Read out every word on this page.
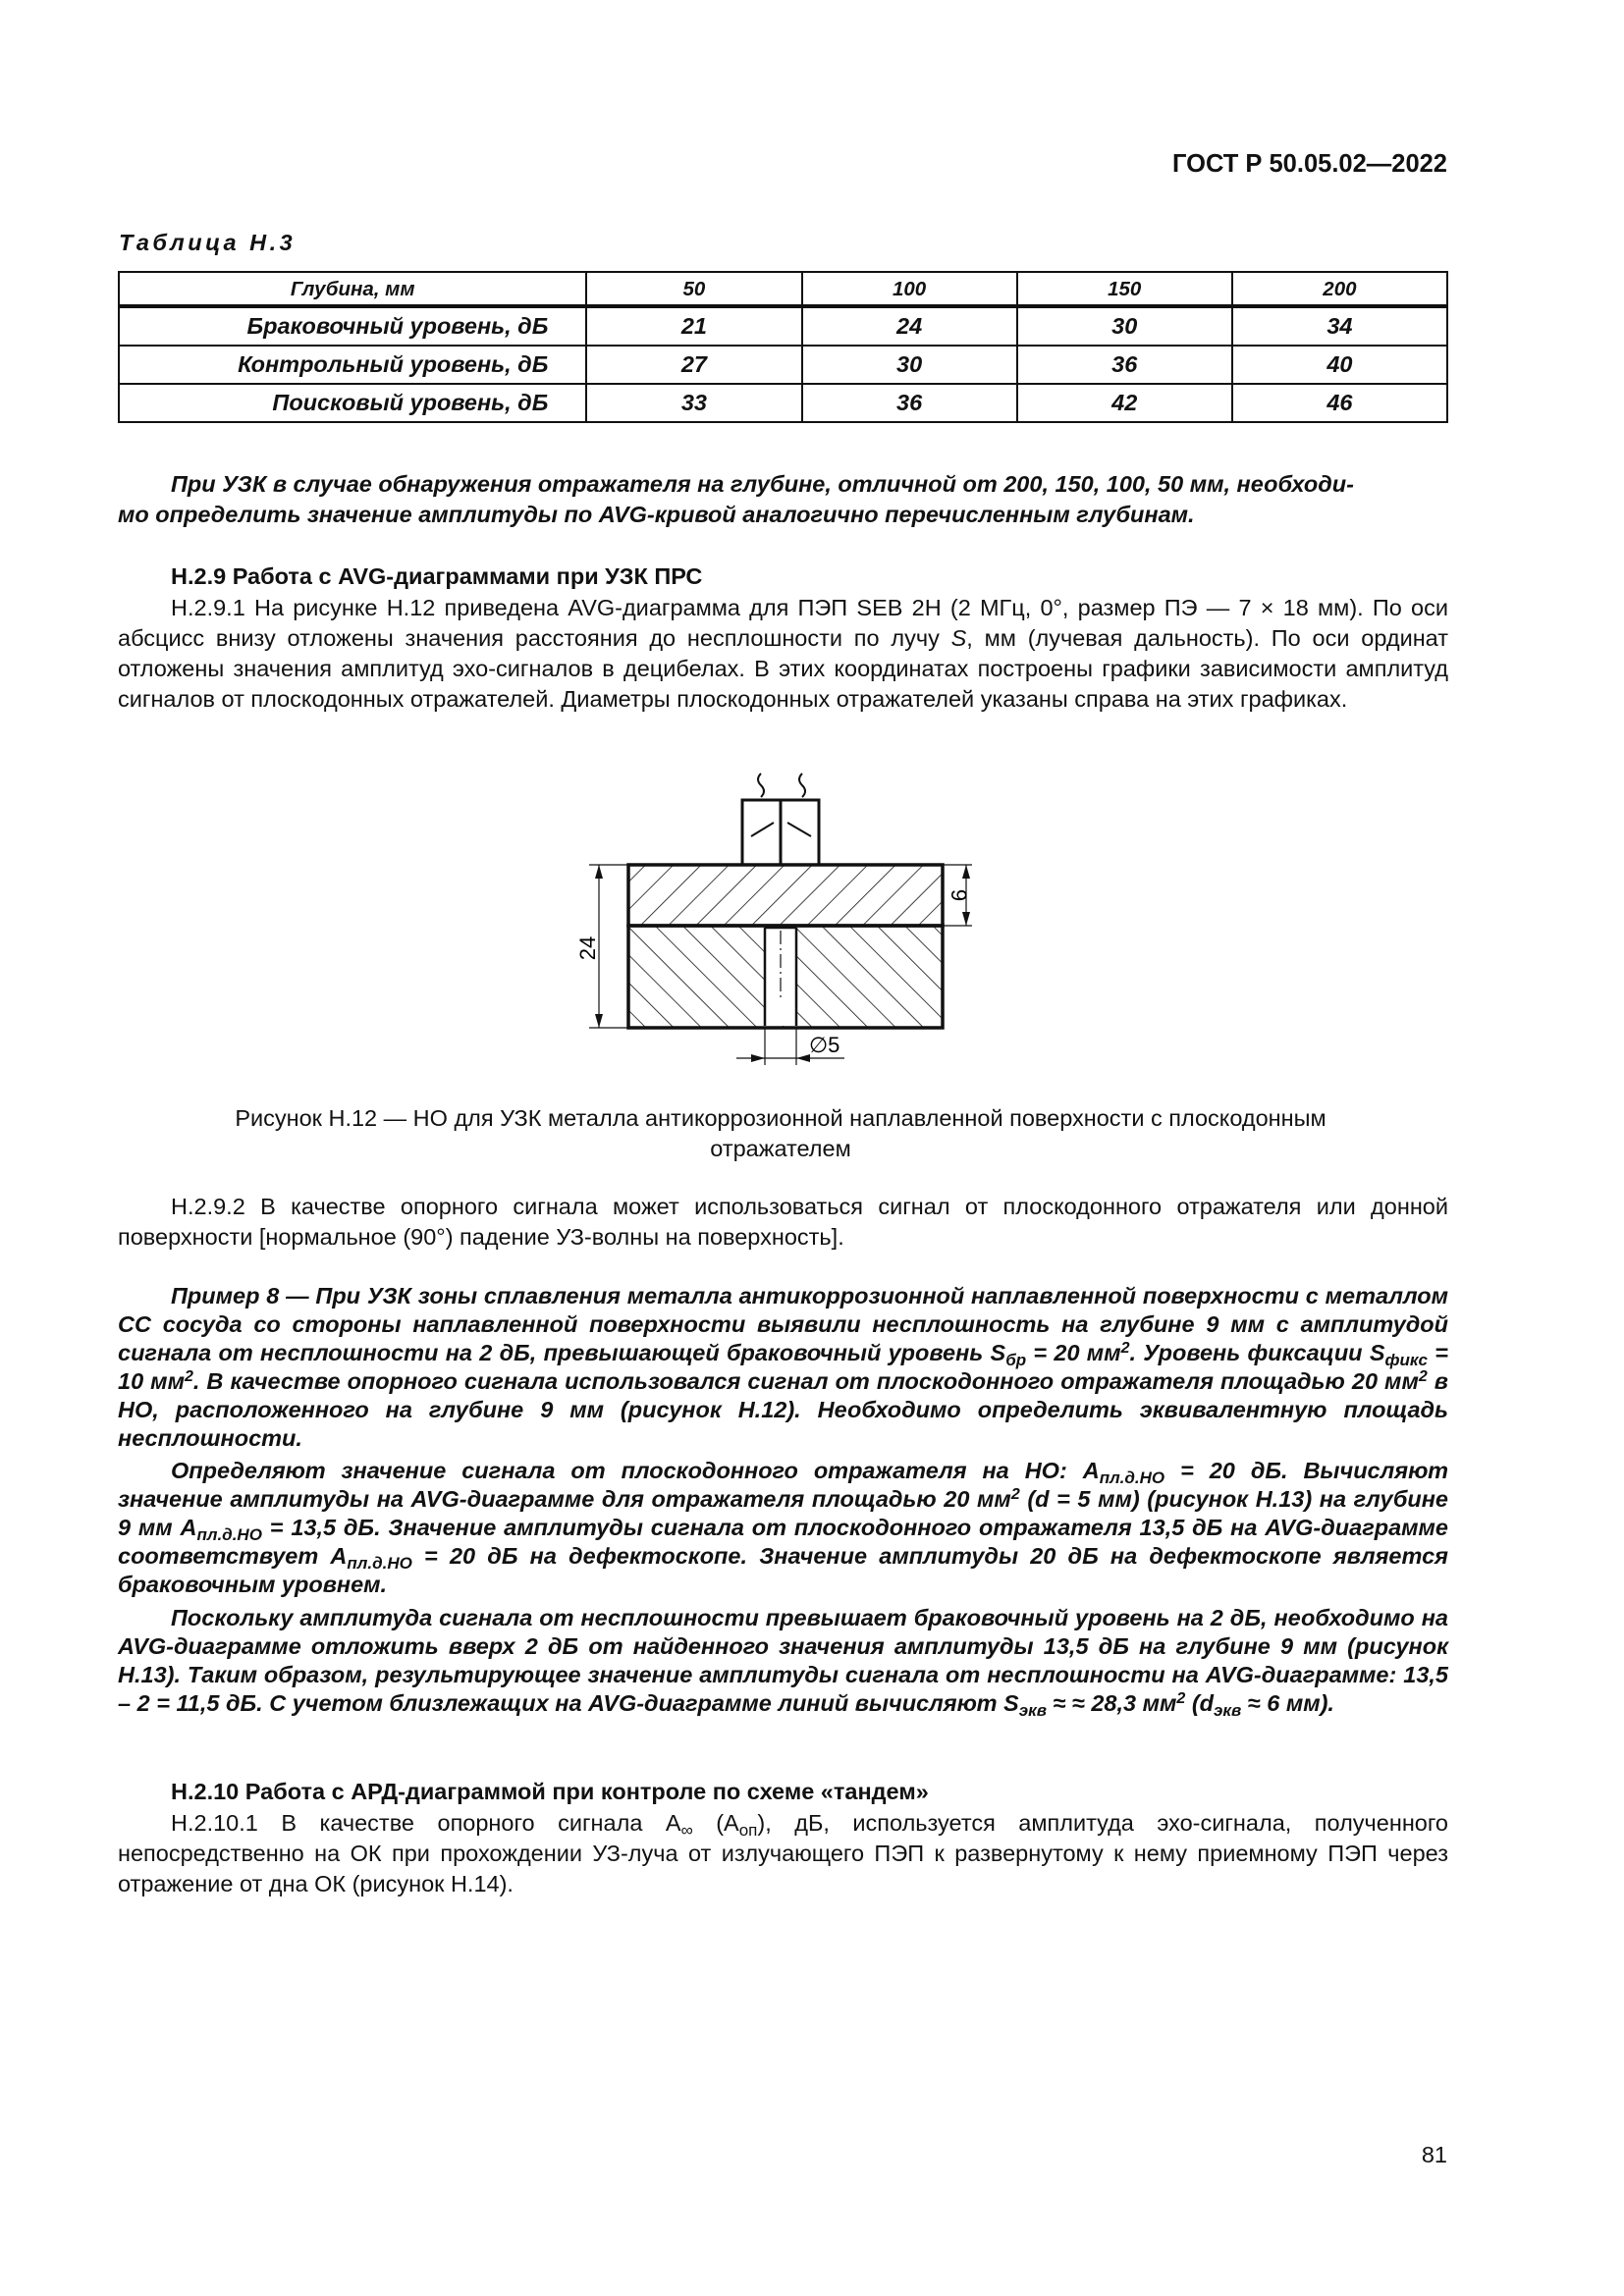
ГОСТ Р 50.05.02—2022
Таблица Н.3
Глубина, мм	50	100	150	200
Браковочный уровень, дБ	21	24	30	34
Контрольный уровень, дБ	27	30	36	40
Поисковый уровень, дБ	33	36	42	46

При УЗК в случае обнаружения отражателя на глубине, отличной от 200, 150, 100, 50 мм, необходи-
мо определить значение амплитуды по AVG-кривой аналогично перечисленным глубинам.

Н.2.9 Работа с AVG-диаграммами при УЗК ПРС

Н.2.9.1 На рисунке Н.12 приведена AVG-диаграмма для ПЭП SEB 2Н (2 МГц, 0°, размер ПЭ — 7 × 18 мм). По оси абсцисс внизу отложены значения расстояния до несплошности по лучу S, мм (лучевая дальность). По оси ординат отложены значения амплитуд эхо-сигналов в децибелах. В этих координатах построены графики зависимости амплитуд сигналов от плоскодонных отражателей. Диаметры плоскодонных отражателей указаны справа на этих графиках.

24
9
∅5

Рисунок Н.12 — НО для УЗК металла антикоррозионной наплавленной поверхности с плоскодонным
отражателем

Н.2.9.2 В качестве опорного сигнала может использоваться сигнал от плоскодонного отражателя или донной поверхности [нормальное (90°) падение УЗ-волны на поверхность].

Пример 8 — При УЗК зоны сплавления металла антикоррозионной наплавленной поверхности с металлом СС сосуда со стороны наплавленной поверхности выявили несплошность на глубине 9 мм с амплитудой сигнала от несплошности на 2 дБ, превышающей браковочный уровень $S_{бр} = 20$ $мм^2$. Уровень фиксации $S_{фикс} = 10$ $мм^2$. В качестве опорного сигнала использовался сигнал от плоскодонного отражателя площадью 20 $мм^2$ в НО, расположенного на глубине 9 мм (рисунок Н.12). Необходимо определить эквивалентную площадь несплошности.

Определяют значение сигнала от плоскодонного отражателя на НО: $A_{пл.д.НО} = 20$ дБ. Вычисляют значение амплитуды на AVG-диаграмме для отражателя площадью 20 $мм^2$ (d = 5 мм) (рисунок Н.13) на глубине 9 мм $A_{пл.д.НО} = 13,5$ дБ. Значение амплитуды сигнала от плоскодонного отражателя 13,5 дБ на AVG-диаграмме соответствует $A_{пл.д.НО} = 20$ дБ на дефектоскопе. Значение амплитуды 20 дБ на дефектоскопе является браковочным уровнем.

Поскольку амплитуда сигнала от несплошности превышает браковочный уровень на 2 дБ, необходимо на AVG-диаграмме отложить вверх 2 дБ от найденного значения амплитуды 13,5 дБ на глубине 9 мм (рисунок Н.13). Таким образом, результирующее значение амплитуды сигнала от несплошности на AVG-диаграмме: 13,5 – 2 = 11,5 дБ. С учетом близлежащих на AVG-диаграмме линий вычисляют $S_{экв}$ ≈ ≈ 28,3 $мм^2$ ($d_{экв} \approx 6$ мм).

Н.2.10 Работа с АРД-диаграммой при контроле по схеме «тандем»

Н.2.10.1 В качестве опорного сигнала $A_\infty$ $(A_{оп})$, дБ, используется амплитуда эхо-сигнала, полученного непосредственно на ОК при прохождении УЗ-луча от излучающего ПЭП к развернутому к нему приемному ПЭП через отражение от дна ОК (рисунок Н.14).

81
